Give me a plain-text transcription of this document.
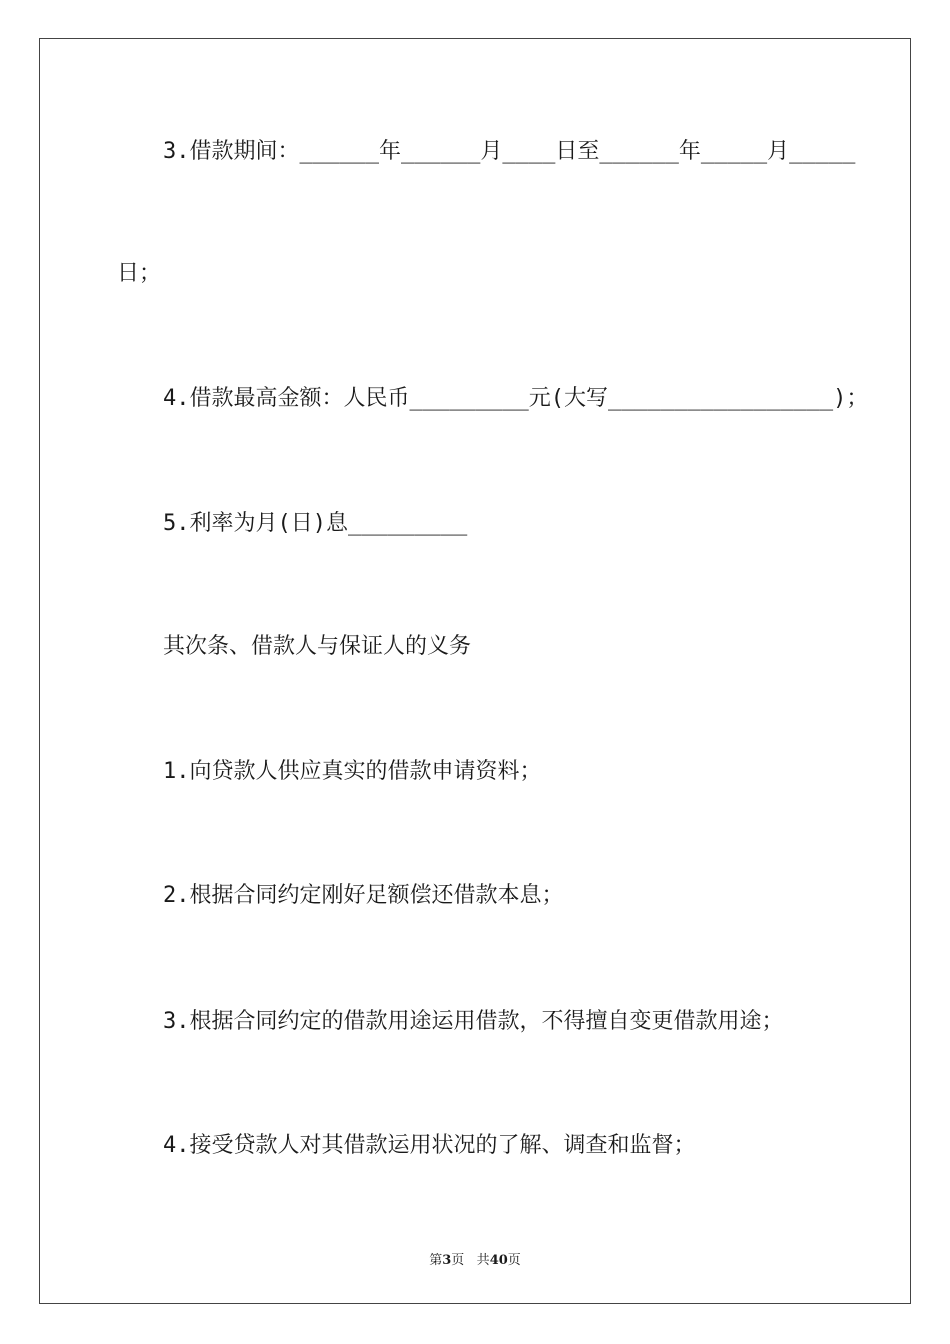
3.借款期间：______年______月____日至______年_____月_____
日；
4.借款最高金额：人民币_________元(大写_________________)；
5.利率为月(日)息_________
其次条、借款人与保证人的义务
1.向贷款人供应真实的借款申请资料；
2.根据合同约定刚好足额偿还借款本息；
3.根据合同约定的借款用途运用借款，不得擅自变更借款用途；
4.接受贷款人对其借款运用状况的了解、调查和监督；
第3页 共40页
